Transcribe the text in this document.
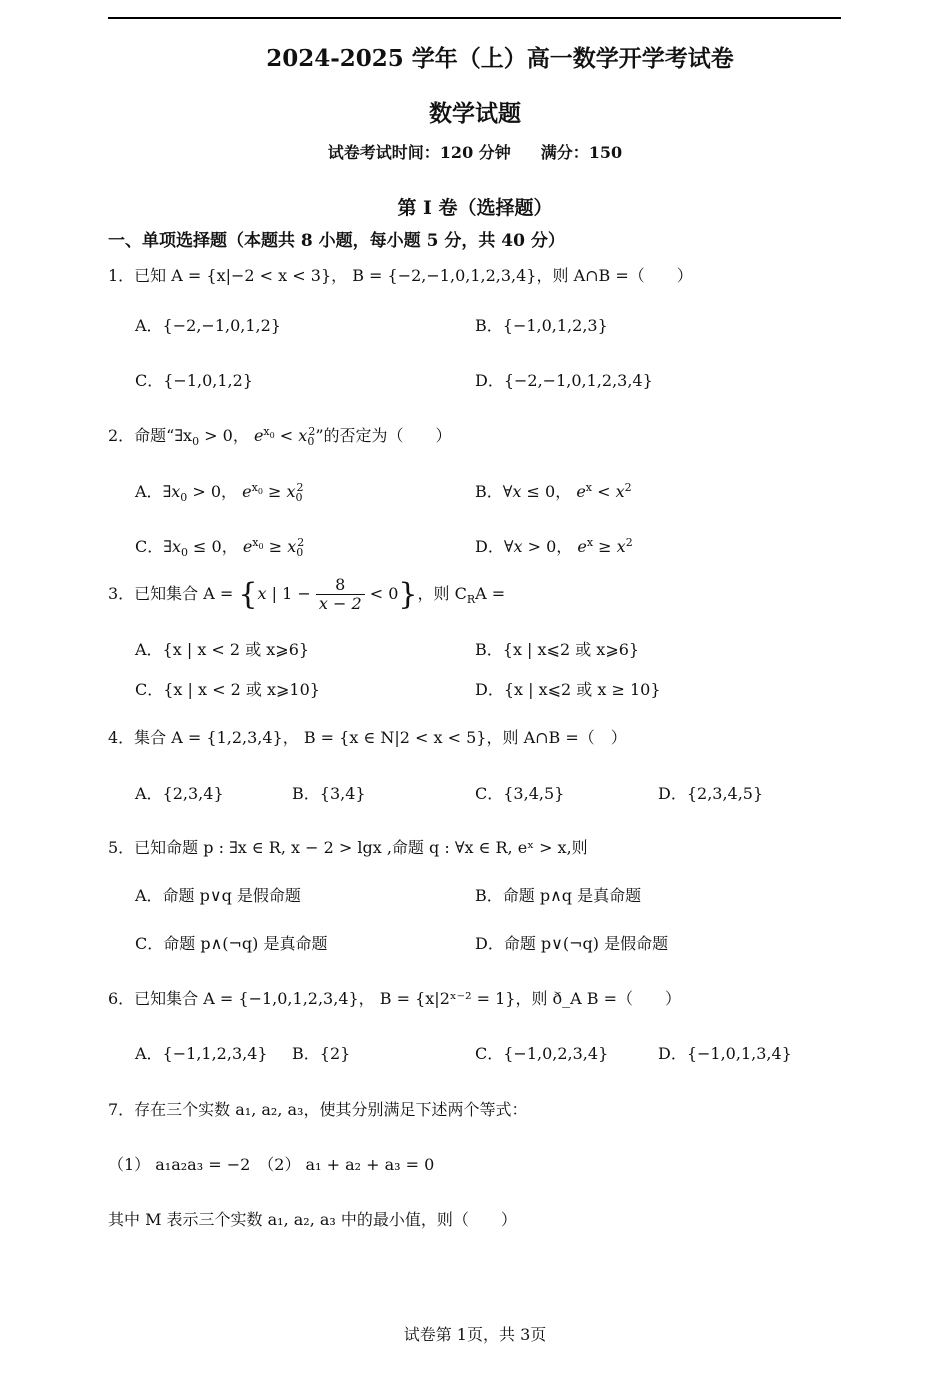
2024-2025 学年（上）高一数学开学考试卷
数学试题
试卷考试时间：120 分钟 满分：150
第 I 卷（选择题）
一、单项选择题（本题共 8 小题，每小题 5 分，共 40 分）
1．已知 A = {x|−2 < x < 3}， B = {−2,−1,0,1,2,3,4}，则 A∩B =（　　）
A．{−2,−1,0,1,2}	B．{−1,0,1,2,3}
C．{−1,0,1,2}	D．{−2,−1,0,1,2,3,4}
2．命题“$\exists x_0 > 0$， $e^{x_0} < x_0^2$”的否定为（　　）
A．$\exists x_0 > 0$， $e^{x_0} \ge x_0^2$	B．∀x ≤ 0， $e^x < x^2$
C．$\exists x_0 \le 0$， $e^{x_0} \ge x_0^2$	D．∀x > 0， $e^x \ge x^2$
3．已知集合 A = {x | $1 - \frac{8}{x - 2} < 0$}，则 $C_RA$ =
A．{x | x < 2 或 x⩾6}	B．{x | x⩽2 或 x⩾6}
C．{x | x < 2 或 x⩾10}	D．{x | x⩽2 或 x ≥ 10}
4．集合 A = {1,2,3,4}， B = {x ∈ N|2 < x < 5}，则 A∩B =（　）
A．{2,3,4}	B．{3,4}	C．{3,4,5}	D．{2,3,4,5}
5．已知命题 p : ∃x ∈ R, x − 2 > lgx ,命题 q : ∀x ∈ R, eˣ > x,则
A．命题 p∨q 是假命题	B．命题 p∧q 是真命题
C．命题 p∧(¬q) 是真命题	D．命题 p∨(¬q) 是假命题
6．已知集合 A = {−1,0,1,2,3,4}， B = {x|2ˣ⁻² = 1}，则 ð_A B =（　　）
A．{−1,1,2,3,4} B．{2}	C．{−1,0,2,3,4}	D．{−1,0,1,3,4}
7．存在三个实数 a₁, a₂, a₃，使其分别满足下述两个等式：
（1） a₁a₂a₃ = −2　（2） a₁ + a₂ + a₃ = 0
其中 M 表示三个实数 a₁, a₂, a₃ 中的最小值，则（　　）
试卷第 1页，共 3页
